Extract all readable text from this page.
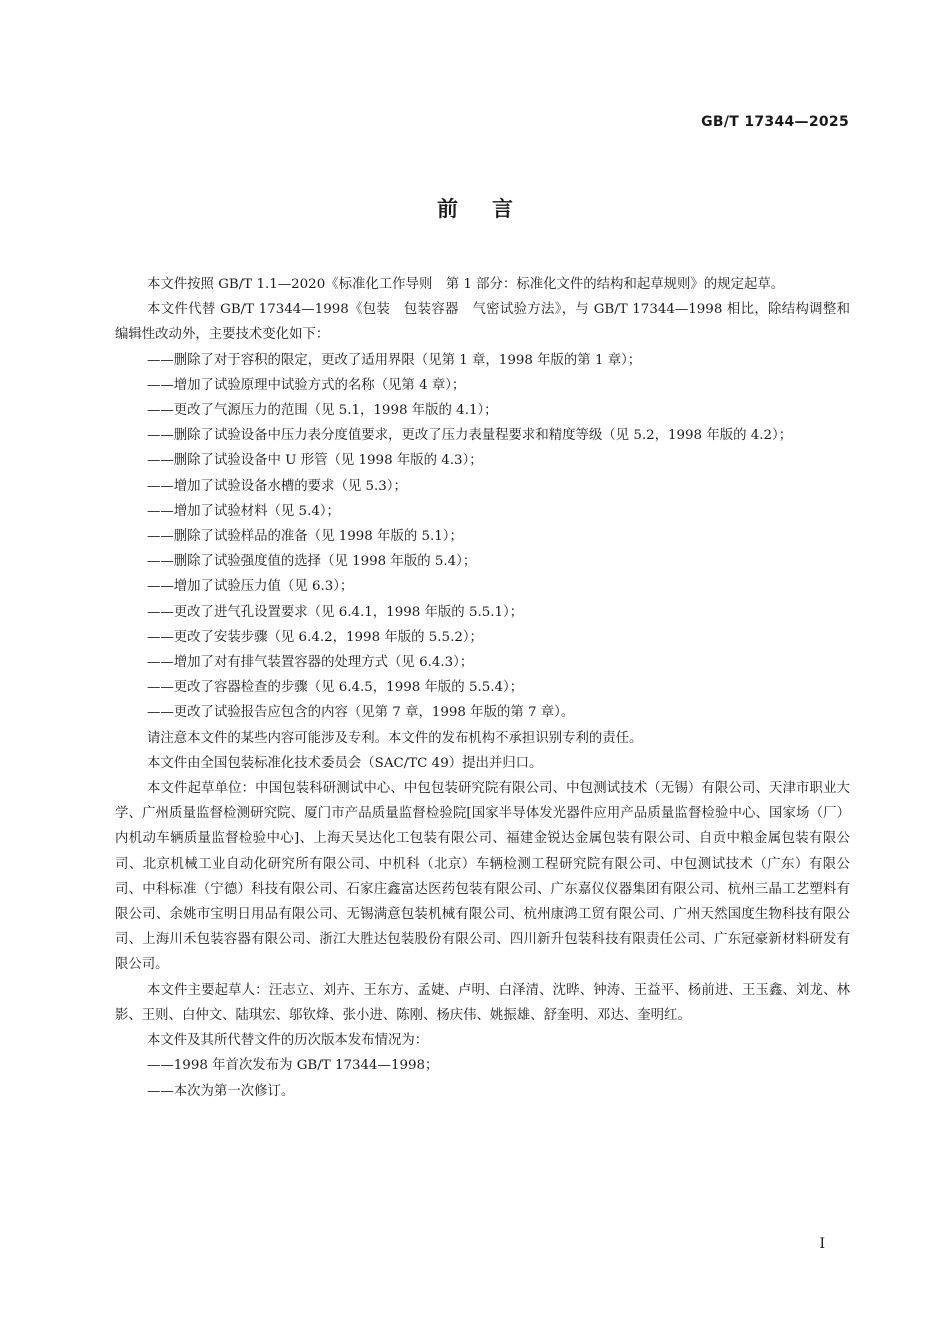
GB/T 17344—2025
前言

本文件按照 GB/T 1.1—2020《标准化工作导则　第 1 部分：标准化文件的结构和起草规则》的规定起草。

本文件代替 GB/T 17344—1998《包装　包装容器　气密试验方法》，与 GB/T 17344—1998 相比，除结构调整和编辑性改动外，主要技术变化如下：

——删除了对于容积的限定，更改了适用界限（见第 1 章，1998 年版的第 1 章）；

——增加了试验原理中试验方式的名称（见第 4 章）；

——更改了气源压力的范围（见 5.1，1998 年版的 4.1）；

——删除了试验设备中压力表分度值要求，更改了压力表量程要求和精度等级（见 5.2，1998 年版的 4.2）；

——删除了试验设备中 U 形管（见 1998 年版的 4.3）；

——增加了试验设备水槽的要求（见 5.3）；

——增加了试验材料（见 5.4）；

——删除了试验样品的准备（见 1998 年版的 5.1）；

——删除了试验强度值的选择（见 1998 年版的 5.4）；

——增加了试验压力值（见 6.3）；

——更改了进气孔设置要求（见 6.4.1，1998 年版的 5.5.1）；

——更改了安装步骤（见 6.4.2，1998 年版的 5.5.2）；

——增加了对有排气装置容器的处理方式（见 6.4.3）；

——更改了容器检查的步骤（见 6.4.5，1998 年版的 5.5.4）；

——更改了试验报告应包含的内容（见第 7 章，1998 年版的第 7 章）。

请注意本文件的某些内容可能涉及专利。本文件的发布机构不承担识别专利的责任。

本文件由全国包装标准化技术委员会（SAC/TC 49）提出并归口。

本文件起草单位：中国包装科研测试中心、中包包装研究院有限公司、中包测试技术（无锡）有限公司、天津市职业大学、广州质量监督检测研究院、厦门市产品质量监督检验院[国家半导体发光器件应用产品质量监督检验中心、国家场（厂）内机动车辆质量监督检验中心]、上海天昊达化工包装有限公司、福建金锐达金属包装有限公司、自贡中粮金属包装有限公司、北京机械工业自动化研究所有限公司、中机科（北京）车辆检测工程研究院有限公司、中包测试技术（广东）有限公司、中科标准（宁德）科技有限公司、石家庄鑫富达医药包装有限公司、广东嘉仪仪器集团有限公司、杭州三晶工艺塑料有限公司、余姚市宝明日用品有限公司、无锡满意包装机械有限公司、杭州康鸿工贸有限公司、广州天然国度生物科技有限公司、上海川禾包装容器有限公司、浙江大胜达包装股份有限公司、四川新升包装科技有限责任公司、广东冠豪新材料研发有限公司。

本文件主要起草人：汪志立、刘卉、王东方、孟婕、卢明、白泽清、沈晔、钟涛、王益平、杨前进、王玉鑫、刘龙、林影、王则、白仲文、陆琪宏、邬钦烽、张小进、陈刚、杨庆伟、姚振雄、舒奎明、邓达、奎明红。

本文件及其所代替文件的历次版本发布情况为：

——1998 年首次发布为 GB/T 17344—1998；

——本次为第一次修订。

Ⅰ
